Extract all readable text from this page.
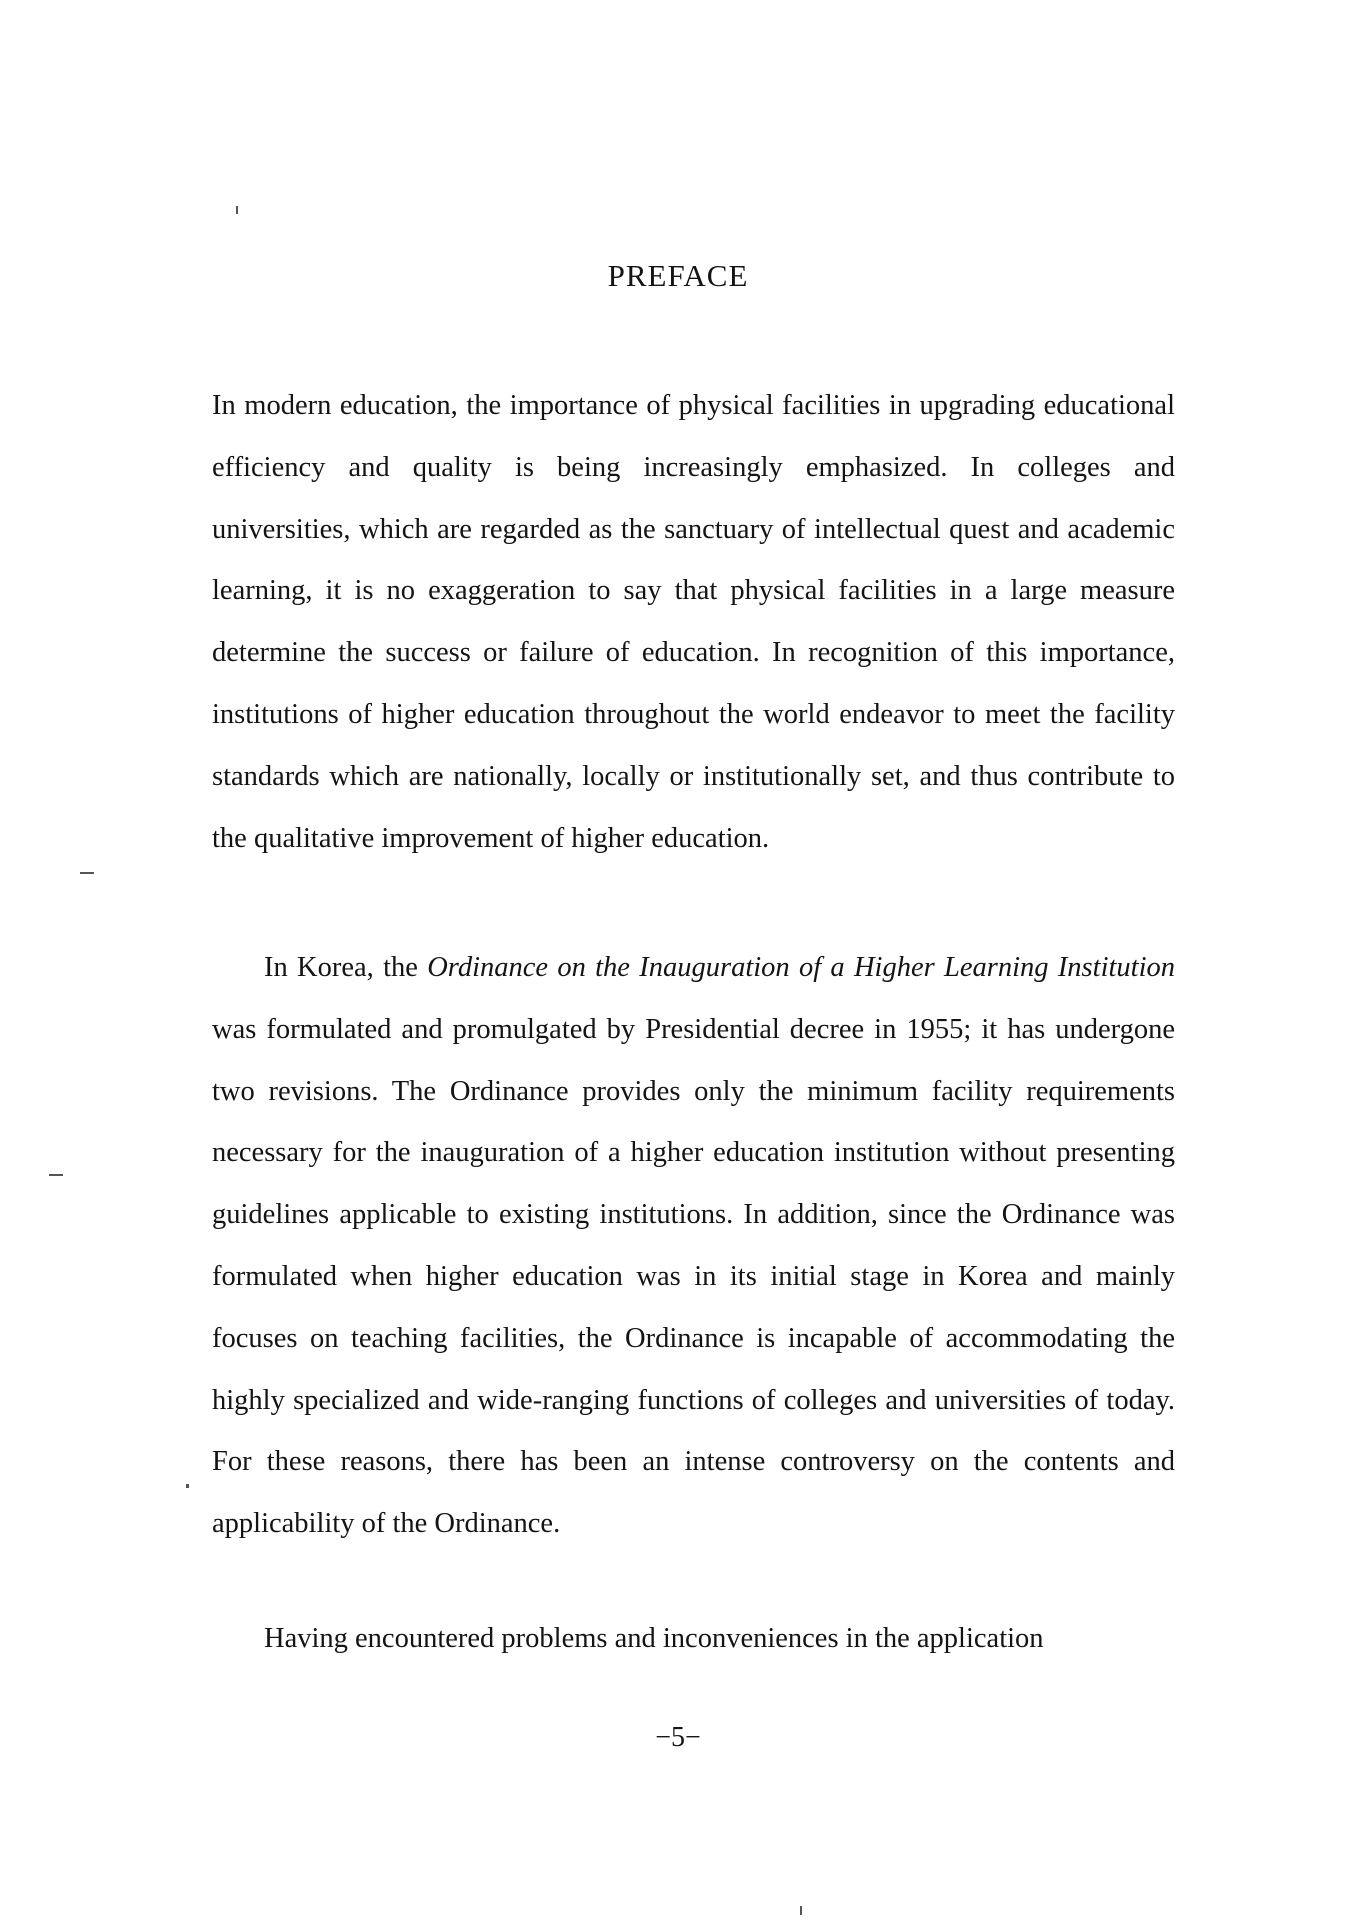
PREFACE

In modern education, the importance of physical facilities in upgrading educational efficiency and quality is being increasingly emphasized. In colleges and universities, which are regarded as the sanctuary of intellectual quest and academic learning, it is no exaggeration to say that physical facilities in a large measure determine the success or failure of education. In recognition of this importance, institutions of higher education throughout the world endeavor to meet the facility standards which are nationally, locally or institutionally set, and thus contribute to the qualitative improvement of higher education.

In Korea, the Ordinance on the Inauguration of a Higher Learning Institution was formulated and promulgated by Presidential decree in 1955; it has undergone two revisions. The Ordinance provides only the minimum facility requirements necessary for the inauguration of a higher education institution without presenting guidelines applicable to existing institutions. In addition, since the Ordinance was formulated when higher education was in its initial stage in Korea and mainly focuses on teaching facilities, the Ordinance is incapable of accommodating the highly specialized and wide-ranging functions of colleges and universities of today. For these reasons, there has been an intense controversy on the contents and applicability of the Ordinance.

Having encountered problems and inconveniences in the application

−5−
